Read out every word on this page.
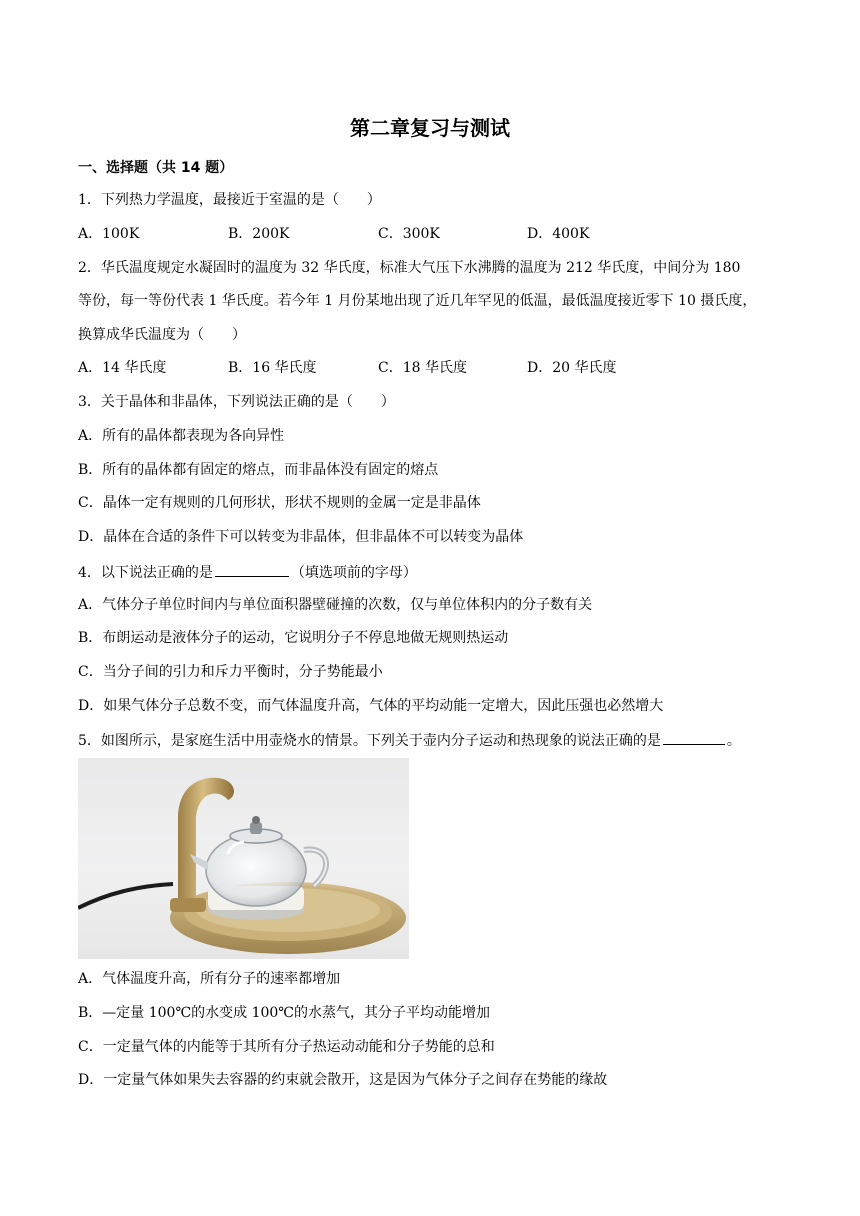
第二章复习与测试
一、选择题（共 14 题）
1．下列热力学温度，最接近于室温的是（　　）
A．100K	B．200K	C．300K	D．400K
2．华氏温度规定水凝固时的温度为 32 华氏度，标准大气压下水沸腾的温度为 212 华氏度，中间分为 180
等份，每一等份代表 1 华氏度。若今年 1 月份某地出现了近几年罕见的低温，最低温度接近零下 10 摄氏度，
换算成华氏温度为（　　）
A．14 华氏度	B．16 华氏度	C．18 华氏度	D．20 华氏度
3．关于晶体和非晶体，下列说法正确的是（　　）
A．所有的晶体都表现为各向异性
B．所有的晶体都有固定的熔点，而非晶体没有固定的熔点
C．晶体一定有规则的几何形状，形状不规则的金属一定是非晶体
D．晶体在合适的条件下可以转变为非晶体，但非晶体不可以转变为晶体
4．以下说法正确的是	（填选项前的字母）
A．气体分子单位时间内与单位面积器壁碰撞的次数，仅与单位体积内的分子数有关
B．布朗运动是液体分子的运动，它说明分子不停息地做无规则热运动
C．当分子间的引力和斥力平衡时，分子势能最小
D．如果气体分子总数不变，而气体温度升高，气体的平均动能一定增大，因此压强也必然增大
5．如图所示，是家庭生活中用壶烧水的情景。下列关于壶内分子运动和热现象的说法正确的是	。
A．气体温度升高，所有分子的速率都增加
B．—定量 100℃的水变成 100℃的水蒸气，其分子平均动能增加
C．一定量气体的内能等于其所有分子热运动动能和分子势能的总和
D．一定量气体如果失去容器的约束就会散开，这是因为气体分子之间存在势能的缘故
